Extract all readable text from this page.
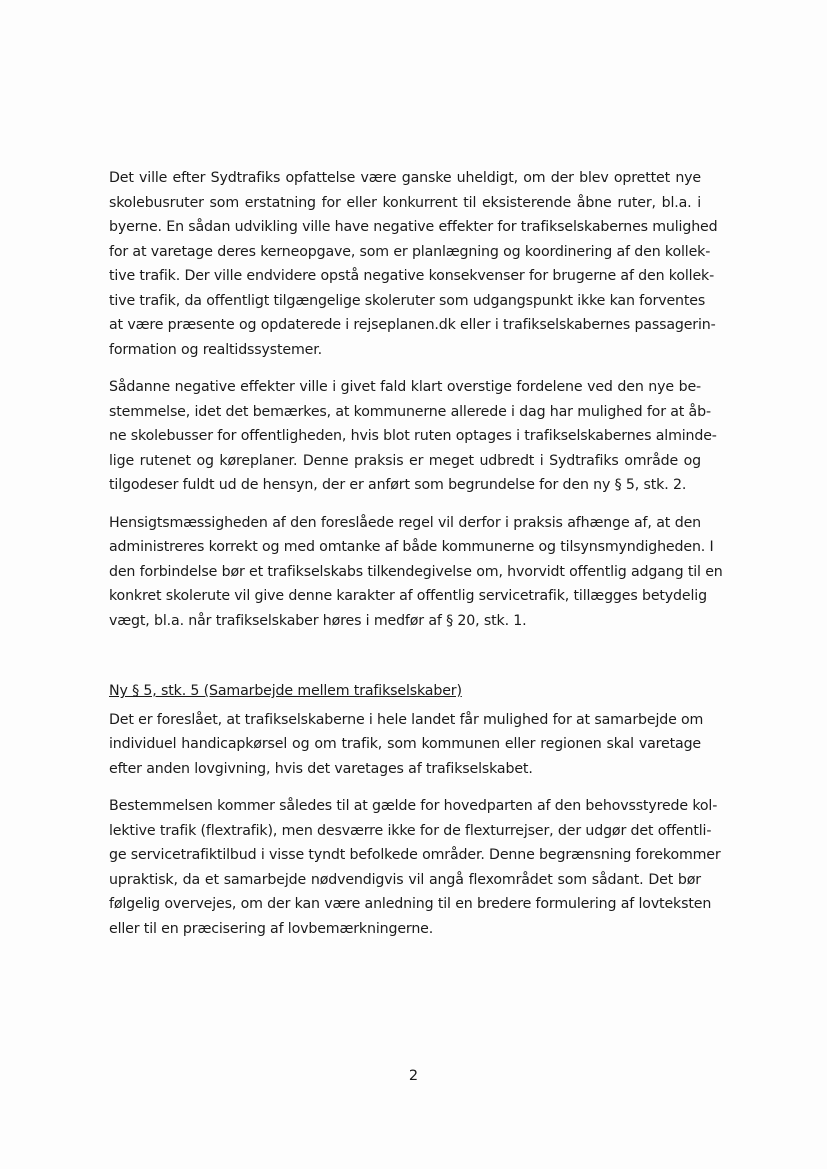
Det ville efter Sydtrafiks opfattelse være ganske uheldigt, om der blev oprettet nye
skolebusruter som erstatning for eller konkurrent til eksisterende åbne ruter, bl.a. i
byerne. En sådan udvikling ville have negative effekter for trafikselskabernes mulighed
for at varetage deres kerneopgave, som er planlægning og koordinering af den kollek-
tive trafik. Der ville endvidere opstå negative konsekvenser for brugerne af den kollek-
tive trafik, da offentligt tilgængelige skoleruter som udgangspunkt ikke kan forventes
at være præsente og opdaterede i rejseplanen.dk eller i trafikselskabernes passagerin-
formation og realtidssystemer.
Sådanne negative effekter ville i givet fald klart overstige fordelene ved den nye be-
stemmelse, idet det bemærkes, at kommunerne allerede i dag har mulighed for at åb-
ne skolebusser for offentligheden, hvis blot ruten optages i trafikselskabernes alminde-
lige rutenet og køreplaner. Denne praksis er meget udbredt i Sydtrafiks område og
tilgodeser fuldt ud de hensyn, der er anført som begrundelse for den ny § 5, stk. 2.
Hensigtsmæssigheden af den foreslåede regel vil derfor i praksis afhænge af, at den
administreres korrekt og med omtanke af både kommunerne og tilsynsmyndigheden. I
den forbindelse bør et trafikselskabs tilkendegivelse om, hvorvidt offentlig adgang til en
konkret skolerute vil give denne karakter af offentlig servicetrafik, tillægges betydelig
vægt, bl.a. når trafikselskaber høres i medfør af § 20, stk. 1.
Ny § 5, stk. 5 (Samarbejde mellem trafikselskaber)
Det er foreslået, at trafikselskaberne i hele landet får mulighed for at samarbejde om
individuel handicapkørsel og om trafik, som kommunen eller regionen skal varetage
efter anden lovgivning, hvis det varetages af trafikselskabet.
Bestemmelsen kommer således til at gælde for hovedparten af den behovsstyrede kol-
lektive trafik (flextrafik), men desværre ikke for de flexturrejser, der udgør det offentli-
ge servicetrafiktilbud i visse tyndt befolkede områder. Denne begrænsning forekommer
upraktisk, da et samarbejde nødvendigvis vil angå flexområdet som sådant. Det bør
følgelig overvejes, om der kan være anledning til en bredere formulering af lovteksten
eller til en præcisering af lovbemærkningerne.
2
